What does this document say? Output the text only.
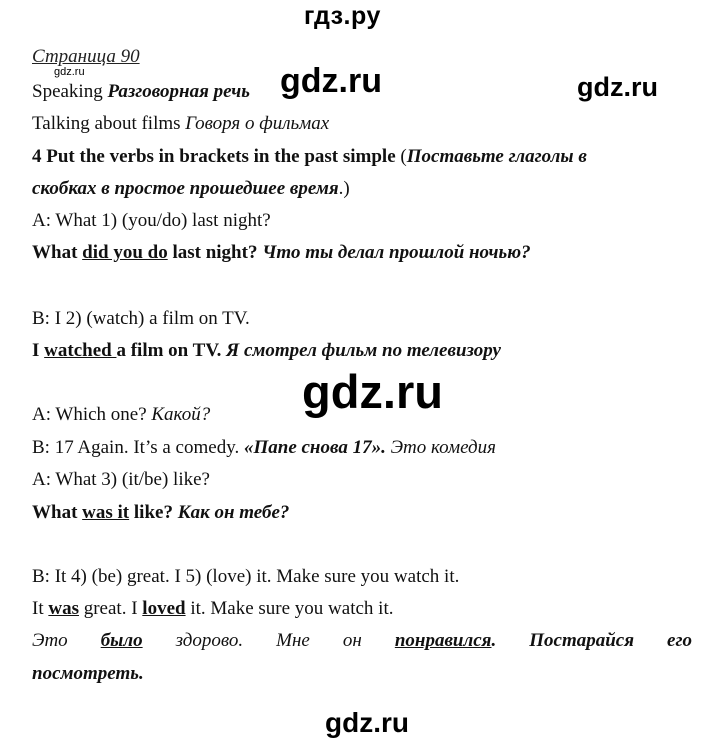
гдз.ру
gdz.ru	gdz.ru	gdz.ru
gdz.ru
gdz.ru
Страница 90
Speaking Разговорная речь
Talking about films Говоря о фильмах
4 Put the verbs in brackets in the past simple (Поставьте глаголы в
скобках в простое прошедшее время.)
A: What 1) (you/do) last night?
What did you do last night? Что ты делал прошлой ночью?
B: I 2) (watch) a film on TV.
I watched a film on TV. Я смотрел фильм по телевизору
A: Which one? Какой?
B: 17 Again. It’s a comedy. «Папе снова 17». Это комедия
A: What 3) (it/be) like?
What was it like? Как он тебе?
B: It 4) (be) great. I 5) (love) it. Make sure you watch it.
It was great. I loved it. Make sure you watch it.
Это было здорово. Мне он понравился. Постарайся его
посмотреть.
